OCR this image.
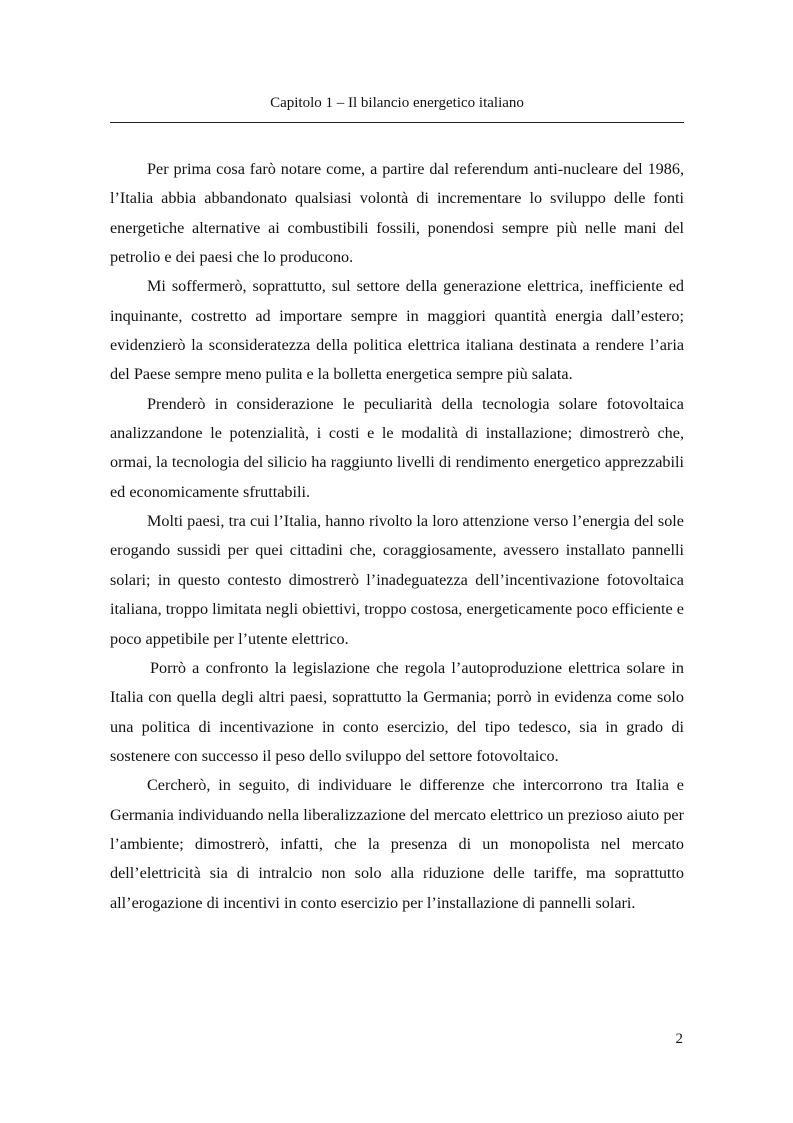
Capitolo 1 – Il bilancio energetico italiano

Per prima cosa farò notare come, a partire dal referendum anti-nucleare del 1986, l’Italia abbia abbandonato qualsiasi volontà di incrementare lo sviluppo delle fonti energetiche alternative ai combustibili fossili, ponendosi sempre più nelle mani del petrolio e dei paesi che lo producono.

Mi soffermerò, soprattutto, sul settore della generazione elettrica, inefficiente ed inquinante, costretto ad importare sempre in maggiori quantità energia dall’estero; evidenzierò la sconsideratezza della politica elettrica italiana destinata a rendere l’aria del Paese sempre meno pulita e la bolletta energetica sempre più salata.

Prenderò in considerazione le peculiarità della tecnologia solare fotovoltaica analizzandone le potenzialità, i costi e le modalità di installazione; dimostrerò che, ormai, la tecnologia del silicio ha raggiunto livelli di rendimento energetico apprezzabili ed economicamente sfruttabili.

Molti paesi, tra cui l’Italia, hanno rivolto la loro attenzione verso l’energia del sole erogando sussidi per quei cittadini che, coraggiosamente, avessero installato pannelli solari; in questo contesto dimostrerò l’inadeguatezza dell’incentivazione fotovoltaica italiana, troppo limitata negli obiettivi, troppo costosa, energeticamente poco efficiente e poco appetibile per l’utente elettrico.

Porrò a confronto la legislazione che regola l’autoproduzione elettrica solare in Italia con quella degli altri paesi, soprattutto la Germania; porrò in evidenza come solo una politica di incentivazione in conto esercizio, del tipo tedesco, sia in grado di sostenere con successo il peso dello sviluppo del settore fotovoltaico.

Cercherò, in seguito, di individuare le differenze che intercorrono tra Italia e Germania individuando nella liberalizzazione del mercato elettrico un prezioso aiuto per l’ambiente; dimostrerò, infatti, che la presenza di un monopolista nel mercato dell’elettricità sia di intralcio non solo alla riduzione delle tariffe, ma soprattutto all’erogazione di incentivi in conto esercizio per l’installazione di pannelli solari.

2
